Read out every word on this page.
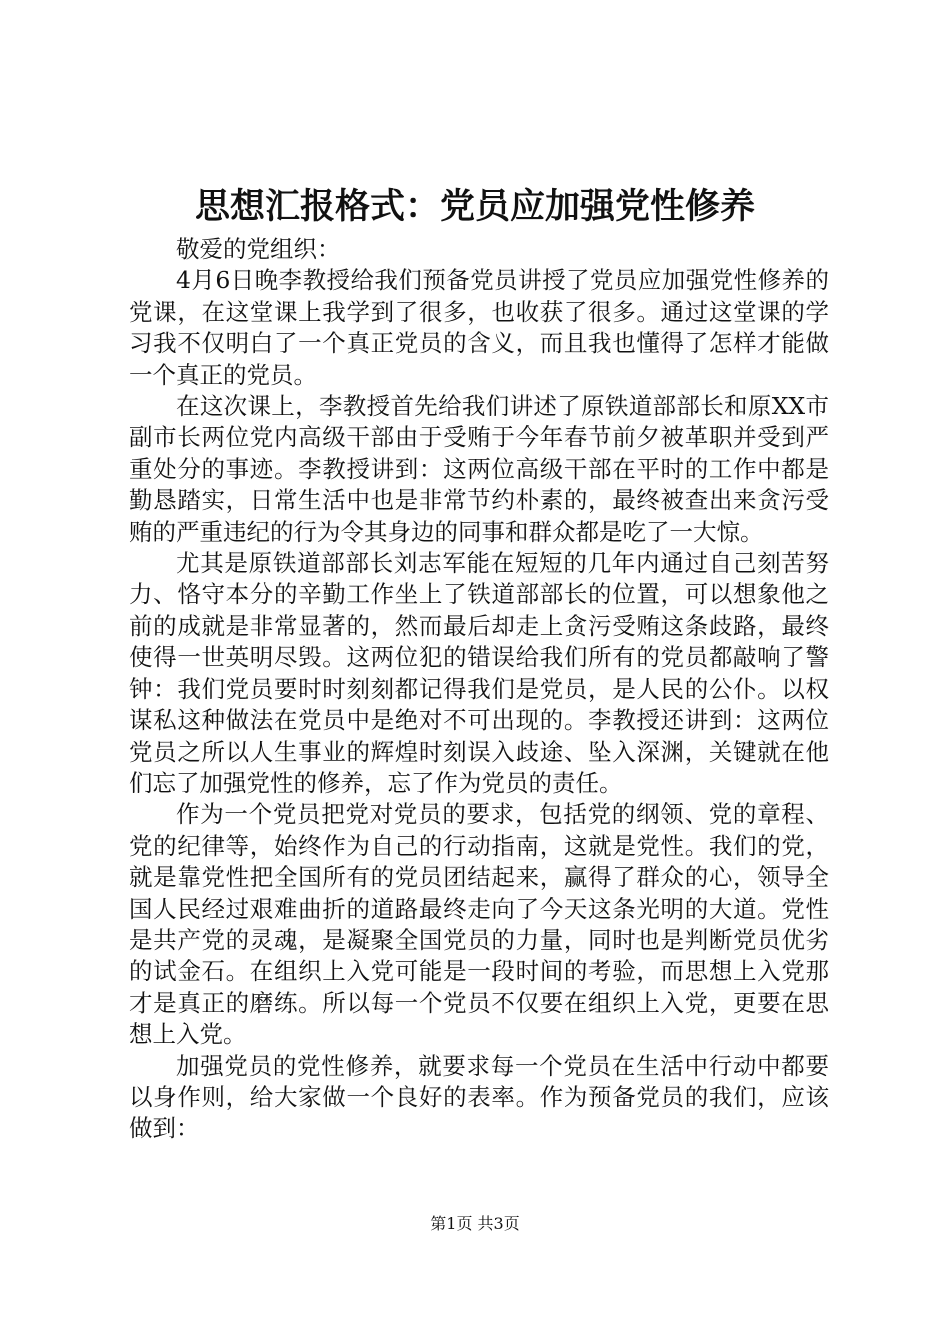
思想汇报格式：党员应加强党性修养

敬爱的党组织：

4月6日晚李教授给我们预备党员讲授了党员应加强党性修养的党课，在这堂课上我学到了很多，也收获了很多。通过这堂课的学习我不仅明白了一个真正党员的含义，而且我也懂得了怎样才能做一个真正的党员。

在这次课上，李教授首先给我们讲述了原铁道部部长和原XX市副市长两位党内高级干部由于受贿于今年春节前夕被革职并受到严重处分的事迹。李教授讲到：这两位高级干部在平时的工作中都是勤恳踏实，日常生活中也是非常节约朴素的，最终被查出来贪污受贿的严重违纪的行为令其身边的同事和群众都是吃了一大惊。

尤其是原铁道部部长刘志军能在短短的几年内通过自己刻苦努力、恪守本分的辛勤工作坐上了铁道部部长的位置，可以想象他之前的成就是非常显著的，然而最后却走上贪污受贿这条歧路，最终使得一世英明尽毁。这两位犯的错误给我们所有的党员都敲响了警钟：我们党员要时时刻刻都记得我们是党员，是人民的公仆。以权谋私这种做法在党员中是绝对不可出现的。李教授还讲到：这两位党员之所以人生事业的辉煌时刻误入歧途、坠入深渊，关键就在他们忘了加强党性的修养，忘了作为党员的责任。

作为一个党员把党对党员的要求，包括党的纲领、党的章程、党的纪律等，始终作为自己的行动指南，这就是党性。我们的党，就是靠党性把全国所有的党员团结起来，赢得了群众的心，领导全国人民经过艰难曲折的道路最终走向了今天这条光明的大道。党性是共产党的灵魂，是凝聚全国党员的力量，同时也是判断党员优劣的试金石。在组织上入党可能是一段时间的考验，而思想上入党那才是真正的磨练。所以每一个党员不仅要在组织上入党，更要在思想上入党。

加强党员的党性修养，就要求每一个党员在生活中行动中都要以身作则，给大家做一个良好的表率。作为预备党员的我们，应该做到：

第1页 共3页
